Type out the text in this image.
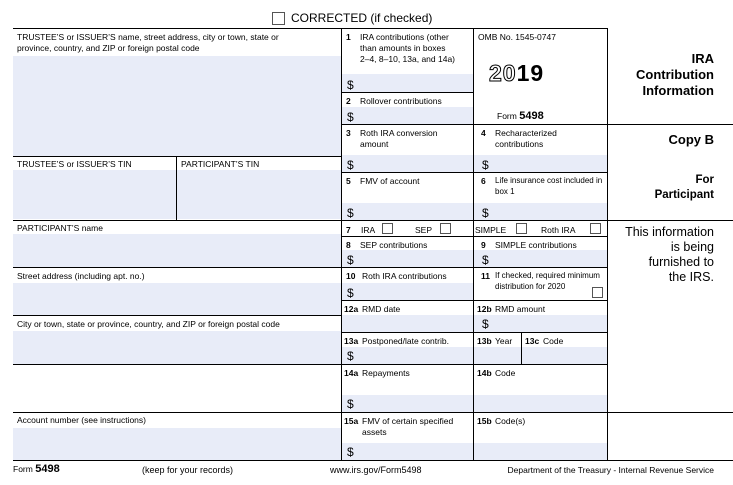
CORRECTED (if checked)
TRUSTEE’S or ISSUER’S name, street address, city or town, state or
province, country, and ZIP or foreign postal code
TRUSTEE’S or ISSUER’S TIN	PARTICIPANT’S TIN
PARTICIPANT’S name
Street address (including apt. no.)
City or town, state or province, country, and ZIP or foreign postal code
Account number (see instructions)
1 IRA contributions (other
than amounts in boxes
2–4, 8–10, 13a, and 14a)
$
2 Rollover contributions
$
OMB No. 1545-0747
2019
Form 5498
IRA
Contribution
Information
Copy B
For
Participant
This information
is being
furnished to
the IRS.
3 Roth IRA conversion
amount
$
4 Recharacterized
contributions
$
5 FMV of account
$
6 Life insurance cost included in
box 1
$
7 IRA	SEP	SIMPLE	Roth IRA
8 SEP contributions
$
9 SIMPLE contributions
$
10 Roth IRA contributions
$
11 If checked, required minimum
distribution for 2020
12a RMD date	12b RMD amount
$
13a Postponed/late contrib.
$
13b Year 13c Code
14a Repayments
$
14b Code
15a FMV of certain specified
assets
$
15b Code(s)
Form 5498	(keep for your records)	www.irs.gov/Form5498	Department of the Treasury - Internal Revenue Service
